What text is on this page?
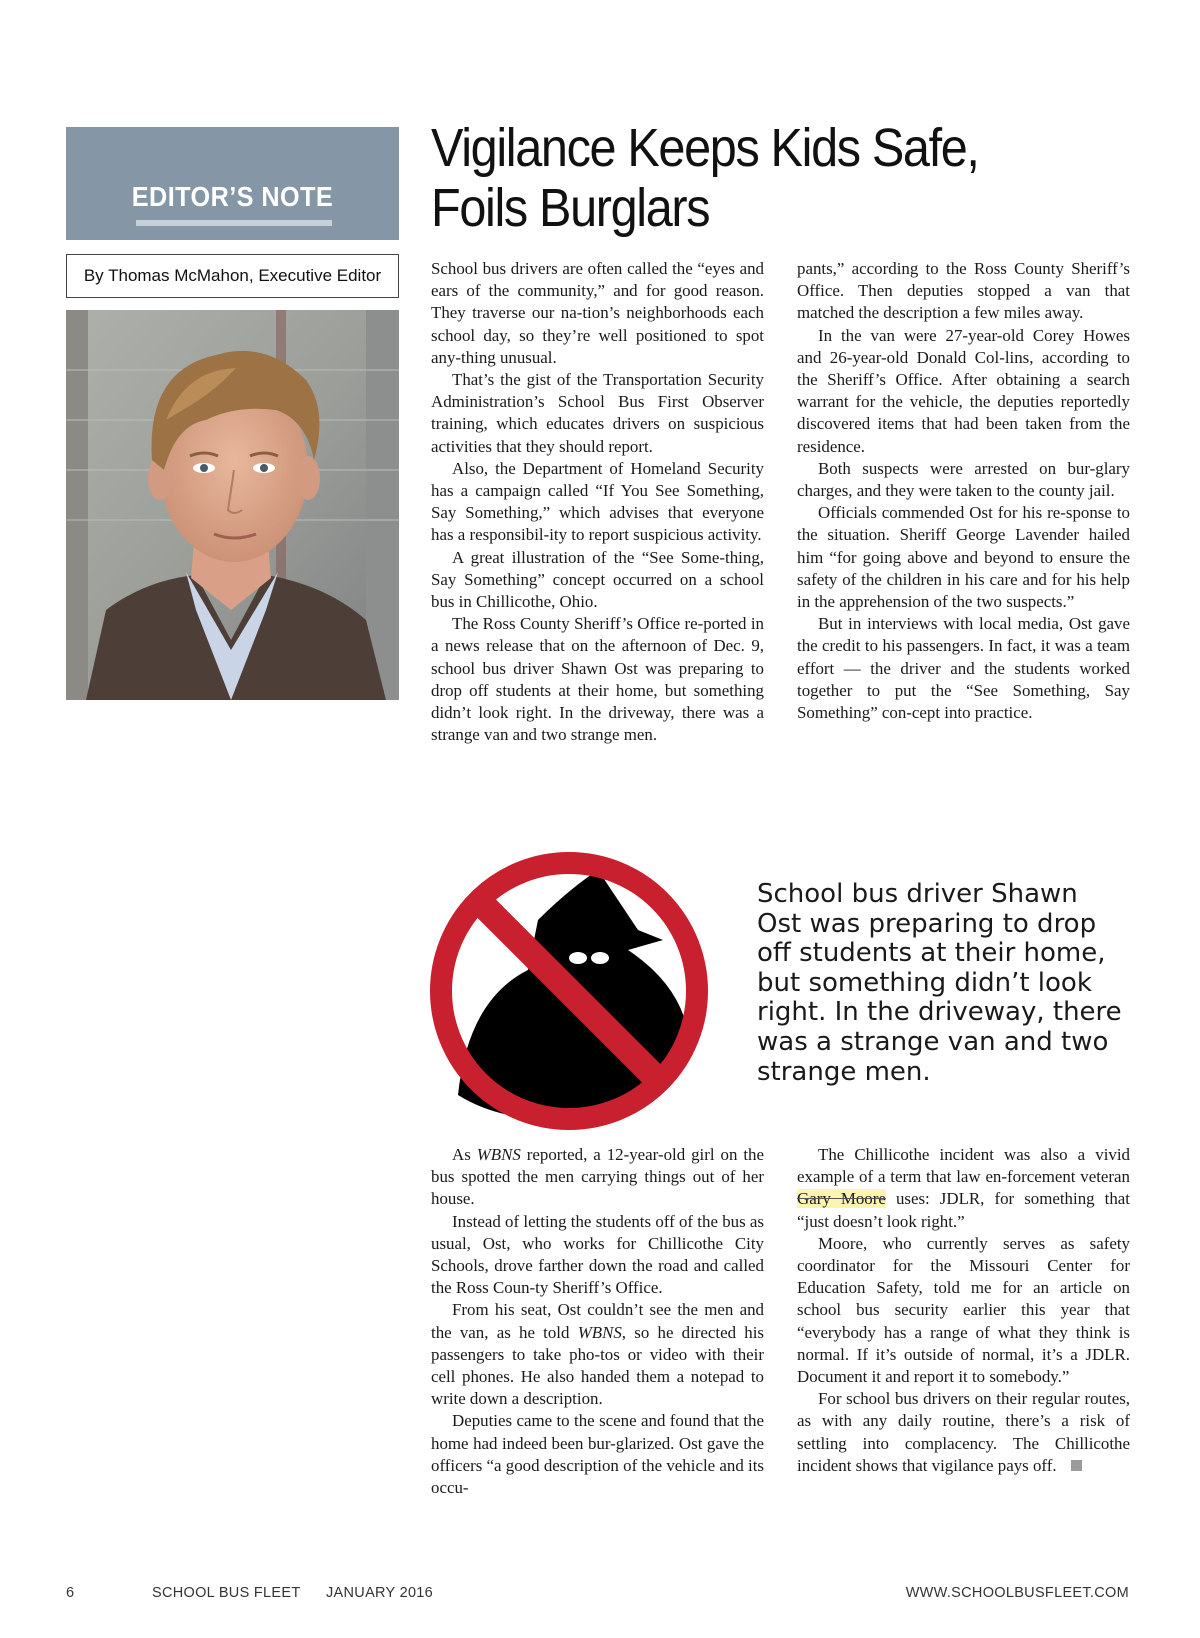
EDITOR’S NOTE
By Thomas McMahon, Executive Editor
Vigilance Keeps Kids Safe,
Foils Burglars

School bus drivers are often called the “eyes and ears of the community,” and for good reason. They traverse our na-tion’s neighborhoods each school day, so they’re well positioned to spot any-thing unusual.

That’s the gist of the Transportation Security Administration’s School Bus First Observer training, which educates drivers on suspicious activities that they should report.

Also, the Department of Homeland Security has a campaign called “If You See Something, Say Something,” which advises that everyone has a responsibil-ity to report suspicious activity.

A great illustration of the “See Some-thing, Say Something” concept occurred on a school bus in Chillicothe, Ohio.

The Ross County Sheriff’s Office re-ported in a news release that on the afternoon of Dec. 9, school bus driver Shawn Ost was preparing to drop off students at their home, but something didn’t look right. In the driveway, there was a strange van and two strange men.

pants,” according to the Ross County Sheriff’s Office. Then deputies stopped a van that matched the description a few miles away.

In the van were 27-year-old Corey Howes and 26-year-old Donald Col-lins, according to the Sheriff’s Office. After obtaining a search warrant for the vehicle, the deputies reportedly discovered items that had been taken from the residence.

Both suspects were arrested on bur-glary charges, and they were taken to the county jail.

Officials commended Ost for his re-sponse to the situation. Sheriff George Lavender hailed him “for going above and beyond to ensure the safety of the children in his care and for his help in the apprehension of the two suspects.”

But in interviews with local media, Ost gave the credit to his passengers. In fact, it was a team effort — the driver and the students worked together to put the “See Something, Say Something” con-cept into practice.

School bus driver Shawn
Ost was preparing to drop
off students at their home,
but something didn’t look
right. In the driveway, there
was a strange van and two
strange men.

As WBNS reported, a 12-year-old girl on the bus spotted the men carrying things out of her house.

Instead of letting the students off of the bus as usual, Ost, who works for Chillicothe City Schools, drove farther down the road and called the Ross Coun-ty Sheriff’s Office.

From his seat, Ost couldn’t see the men and the van, as he told WBNS, so he directed his passengers to take pho-tos or video with their cell phones. He also handed them a notepad to write down a description.

Deputies came to the scene and found that the home had indeed been bur-glarized. Ost gave the officers “a good description of the vehicle and its occu-

The Chillicothe incident was also a vivid example of a term that law en-forcement veteran Gary Moore uses: JDLR, for something that “just doesn’t look right.”

Moore, who currently serves as safety coordinator for the Missouri Center for Education Safety, told me for an article on school bus security earlier this year that “everybody has a range of what they think is normal. If it’s outside of normal, it’s a JDLR. Document it and report it to somebody.”

For school bus drivers on their regular routes, as with any daily routine, there’s a risk of settling into complacency. The Chillicothe incident shows that vigilance pays off.

6	SCHOOL BUS FLEET JANUARY 2016	WWW.SCHOOLBUSFLEET.COM
